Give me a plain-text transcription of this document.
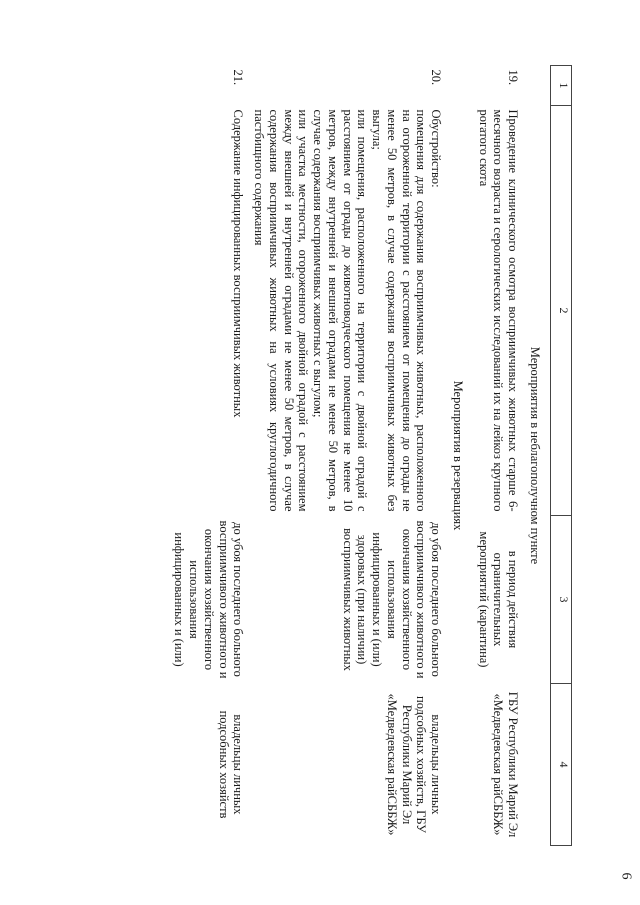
6
1	2	3	4
Мероприятия в неблагополучном пункте			
19.	Проведение клинического осмотра восприимчивых животных старше 6-месячного возраста и серологических исследований их на лейкоз крупного рогатого скота	в период действия ограничительных мероприятий (карантина)	ГБУ Республики Марий Эл «Медведевская райСББЖ»
Мероприятия в резервациях			
20.	Обустройство:
помещения для содержания восприимчивых животных, расположенного на огороженной территории с расстоянием от помещения до ограды не менее 50 метров, в случае содержания восприимчивых животных без выгула;
или помещения, расположенного на территории с двойной оградой с расстоянием от ограды до животноводческого помещения не менее 10 метров, между внутренней и внешней оградами не менее 50 метров, в случае содержания восприимчивых животных с выгулом;
или участка местности, огороженного двойной оградой с расстоянием между внешней и внутренней оградами не менее 50 метров, в случае содержания восприимчивых животных на условиях круглогодичного пастбищного содержания	до убоя последнего больного восприимчивого животного и окончания хозяйственного использования инфицированных и (или) здоровых (при наличии) восприимчивых животных	владельцы личных подсобных хозяйств, ГБУ Республики Марий Эл «Медведевская райСББЖ»
21.	Содержание инфицированных восприимчивых животных	до убоя последнего больного восприимчивого животного и окончания хозяйственного использования инфицированных и (или)	владельцы личных подсобных хозяйств
